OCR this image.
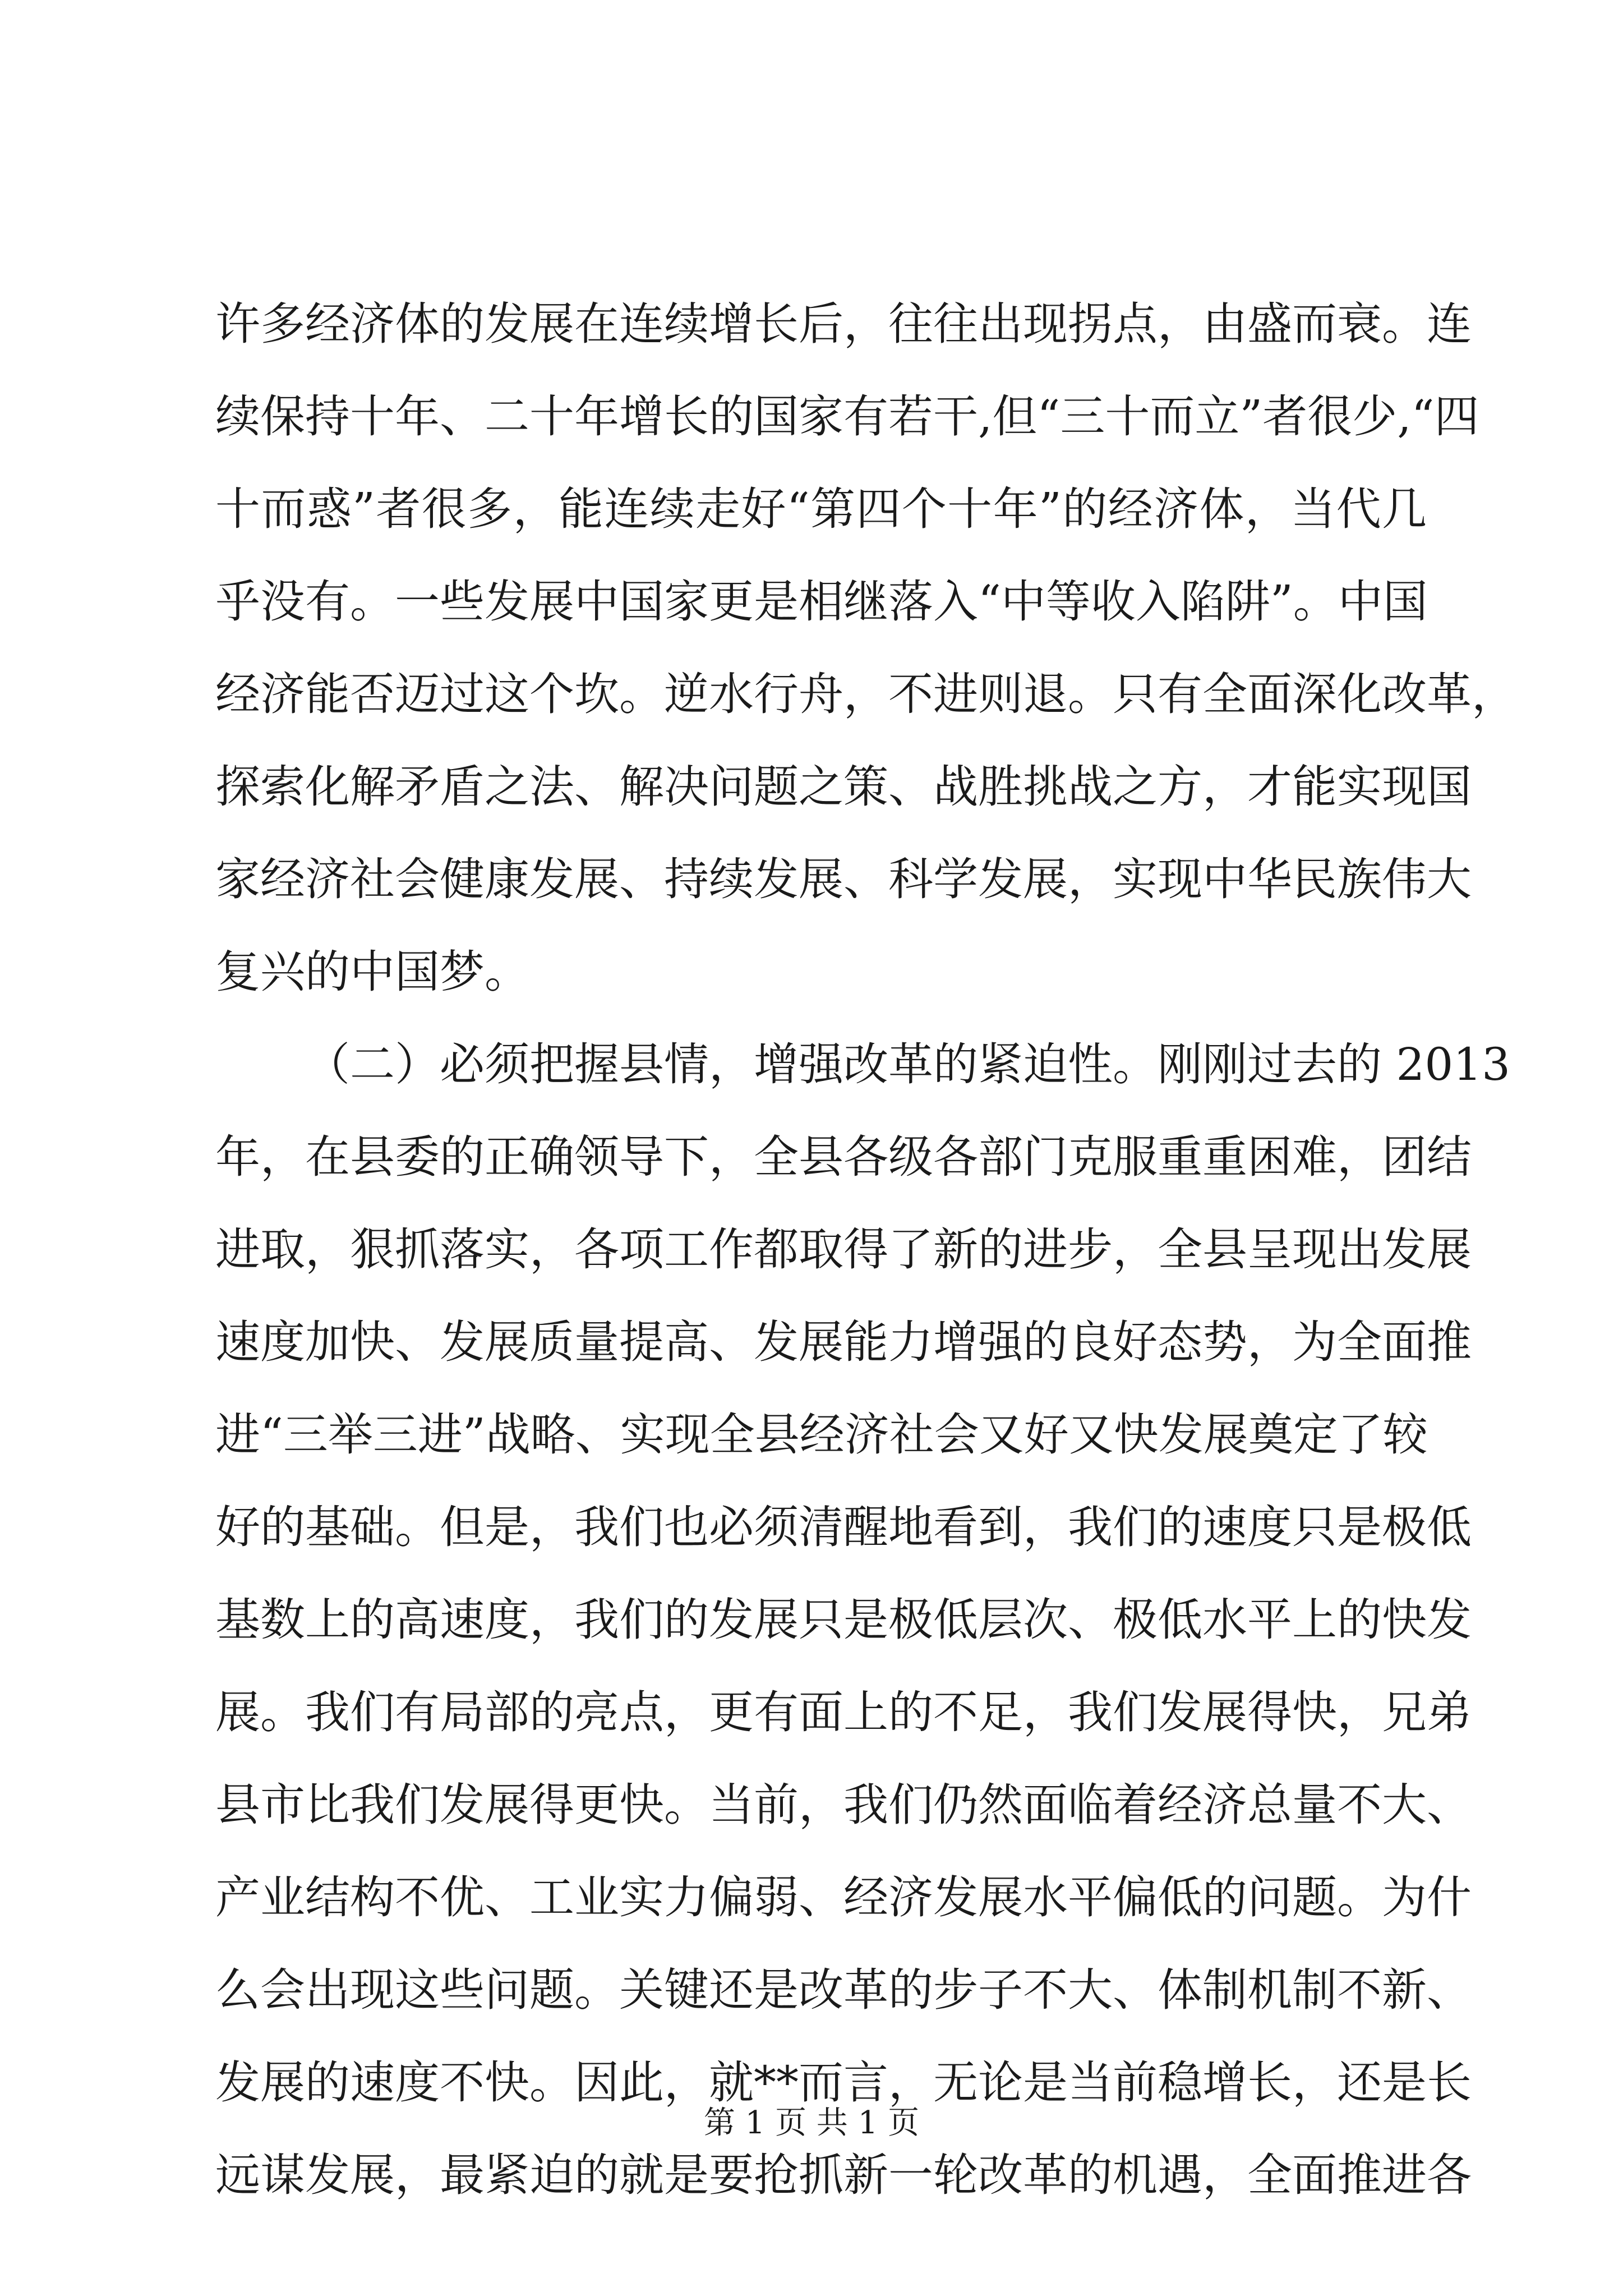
许多经济体的发展在连续增长后，往往出现拐点，由盛而衰。连
续保持十年、二十年增长的国家有若干,但“三十而立”者很少,“四
十而惑”者很多，能连续走好“第四个十年”的经济体，当代几
乎没有。一些发展中国家更是相继落入“中等收入陷阱”。中国
经济能否迈过这个坎。逆水行舟，不进则退。只有全面深化改革，
探索化解矛盾之法、解决问题之策、战胜挑战之方，才能实现国
家经济社会健康发展、持续发展、科学发展，实现中华民族伟大
复兴的中国梦。
（二）必须把握县情，增强改革的紧迫性。刚刚过去的 2013
年，在县委的正确领导下，全县各级各部门克服重重困难，团结
进取，狠抓落实，各项工作都取得了新的进步，全县呈现出发展
速度加快、发展质量提高、发展能力增强的良好态势，为全面推
进“三举三进”战略、实现全县经济社会又好又快发展奠定了较
好的基础。但是，我们也必须清醒地看到，我们的速度只是极低
基数上的高速度，我们的发展只是极低层次、极低水平上的快发
展。我们有局部的亮点，更有面上的不足，我们发展得快，兄弟
县市比我们发展得更快。当前，我们仍然面临着经济总量不大、
产业结构不优、工业实力偏弱、经济发展水平偏低的问题。为什
么会出现这些问题。关键还是改革的步子不大、体制机制不新、
发展的速度不快。因此，就**而言，无论是当前稳增长，还是长
远谋发展，最紧迫的就是要抢抓新一轮改革的机遇，全面推进各
第 1 页 共 1 页
